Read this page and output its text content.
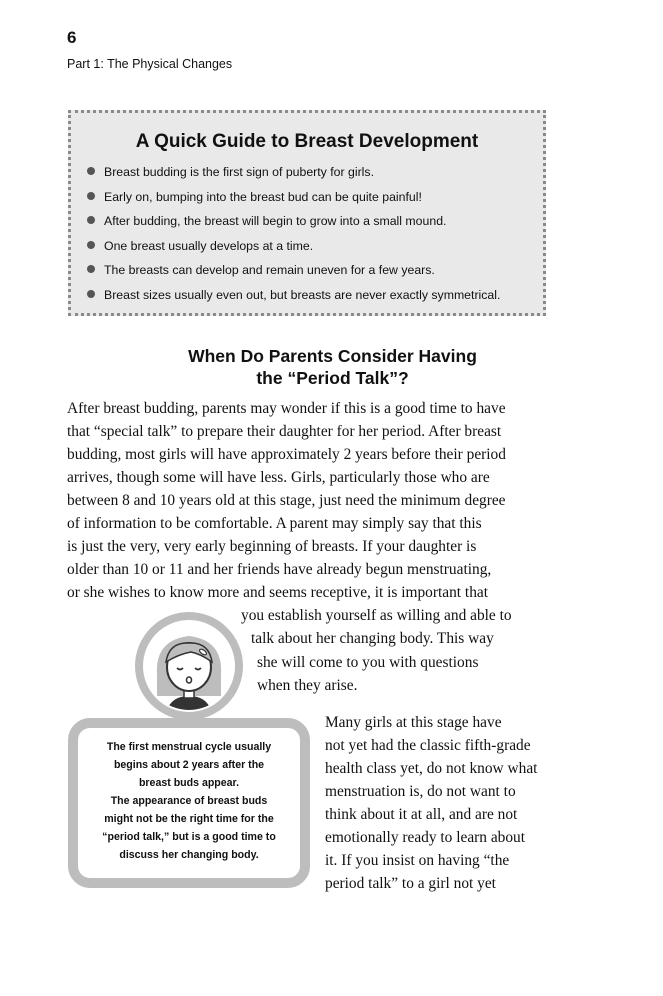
6
Part 1: The Physical Changes
A Quick Guide to Breast Development
Breast budding is the first sign of puberty for girls.
Early on, bumping into the breast bud can be quite painful!
After budding, the breast will begin to grow into a small mound.
One breast usually develops at a time.
The breasts can develop and remain uneven for a few years.
Breast sizes usually even out, but breasts are never exactly symmetrical.
When Do Parents Consider Having
the “Period Talk”?
After breast budding, parents may wonder if this is a good time to have
that “special talk” to prepare their daughter for her period. After breast
budding, most girls will have approximately 2 years before their period
arrives, though some will have less. Girls, particularly those who are
between 8 and 10 years old at this stage, just need the minimum degree
of information to be comfortable. A parent may simply say that this
is just the very, very early beginning of breasts. If your daughter is
older than 10 or 11 and her friends have already begun menstruating,
or she wishes to know more and seems receptive, it is important that
you establish yourself as willing and able to
talk about her changing body. This way
she will come to you with questions
when they arise.
Many girls at this stage have
not yet had the classic fifth-grade
health class yet, do not know what
menstruation is, do not want to
think about it at all, and are not
emotionally ready to learn about
it. If you insist on having “the
period talk” to a girl not yet
The first menstrual cycle usually
begins about 2 years after the
breast buds appear.
The appearance of breast buds
might not be the right time for the
“period talk,” but is a good time to
discuss her changing body.
